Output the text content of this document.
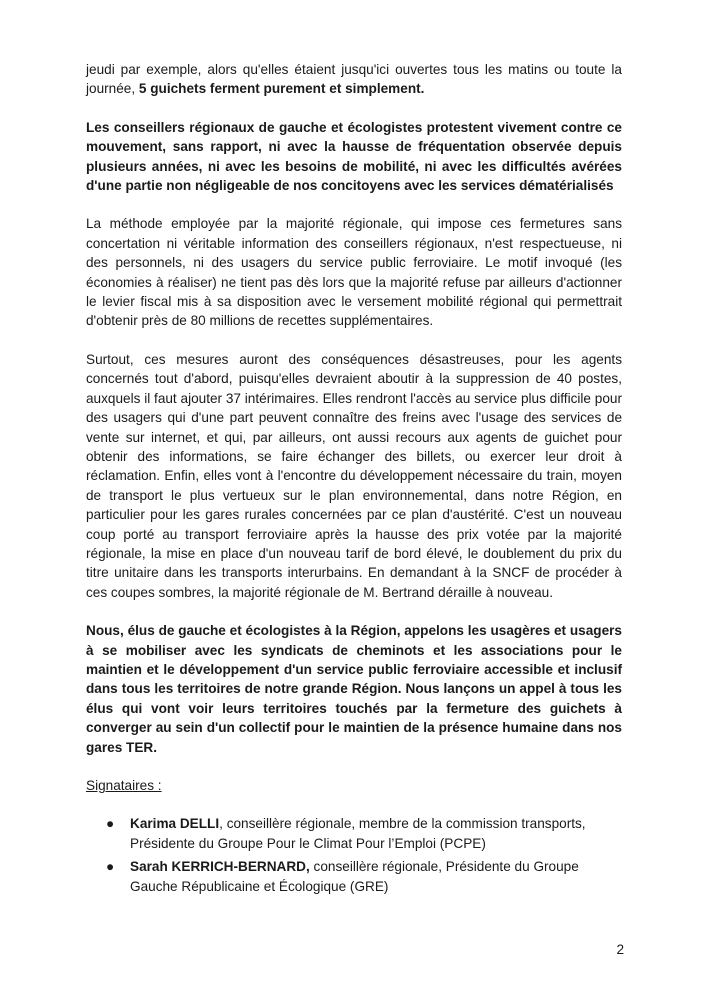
jeudi par exemple, alors qu'elles étaient jusqu'ici ouvertes tous les matins ou toute la journée, 5 guichets ferment purement et simplement.

Les conseillers régionaux de gauche et écologistes protestent vivement contre ce mouvement, sans rapport, ni avec la hausse de fréquentation observée depuis plusieurs années, ni avec les besoins de mobilité, ni avec les difficultés avérées d'une partie non négligeable de nos concitoyens avec les services dématérialisés

La méthode employée par la majorité régionale, qui impose ces fermetures sans concertation ni véritable information des conseillers régionaux, n'est respectueuse, ni des personnels, ni des usagers du service public ferroviaire. Le motif invoqué (les économies à réaliser) ne tient pas dès lors que la majorité refuse par ailleurs d'actionner le levier fiscal mis à sa disposition avec le versement mobilité régional qui permettrait d'obtenir près de 80 millions de recettes supplémentaires.

Surtout, ces mesures auront des conséquences désastreuses, pour les agents concernés tout d'abord, puisqu'elles devraient aboutir à la suppression de 40 postes, auxquels il faut ajouter 37 intérimaires. Elles rendront l'accès au service plus difficile pour des usagers qui d'une part peuvent connaître des freins avec l'usage des services de vente sur internet, et qui, par ailleurs, ont aussi recours aux agents de guichet pour obtenir des informations, se faire échanger des billets, ou exercer leur droit à réclamation. Enfin, elles vont à l'encontre du développement nécessaire du train, moyen de transport le plus vertueux sur le plan environnemental, dans notre Région, en particulier pour les gares rurales concernées par ce plan d'austérité. C'est un nouveau coup porté au transport ferroviaire après la hausse des prix votée par la majorité régionale, la mise en place d'un nouveau tarif de bord élevé, le doublement du prix du titre unitaire dans les transports interurbains. En demandant à la SNCF de procéder à ces coupes sombres, la majorité régionale de M. Bertrand déraille à nouveau.

Nous, élus de gauche et écologistes à la Région, appelons les usagères et usagers à se mobiliser avec les syndicats de cheminots et les associations pour le maintien et le développement d'un service public ferroviaire accessible et inclusif dans tous les territoires de notre grande Région. Nous lançons un appel à tous les élus qui vont voir leurs territoires touchés par la fermeture des guichets à converger au sein d'un collectif pour le maintien de la présence humaine dans nos gares TER.

Signataires :

● Karima DELLI, conseillère régionale, membre de la commission transports, Présidente du Groupe Pour le Climat Pour l’Emploi (PCPE)
● Sarah KERRICH-BERNARD, conseillère régionale, Présidente du Groupe Gauche Républicaine et Écologique (GRE)
2
